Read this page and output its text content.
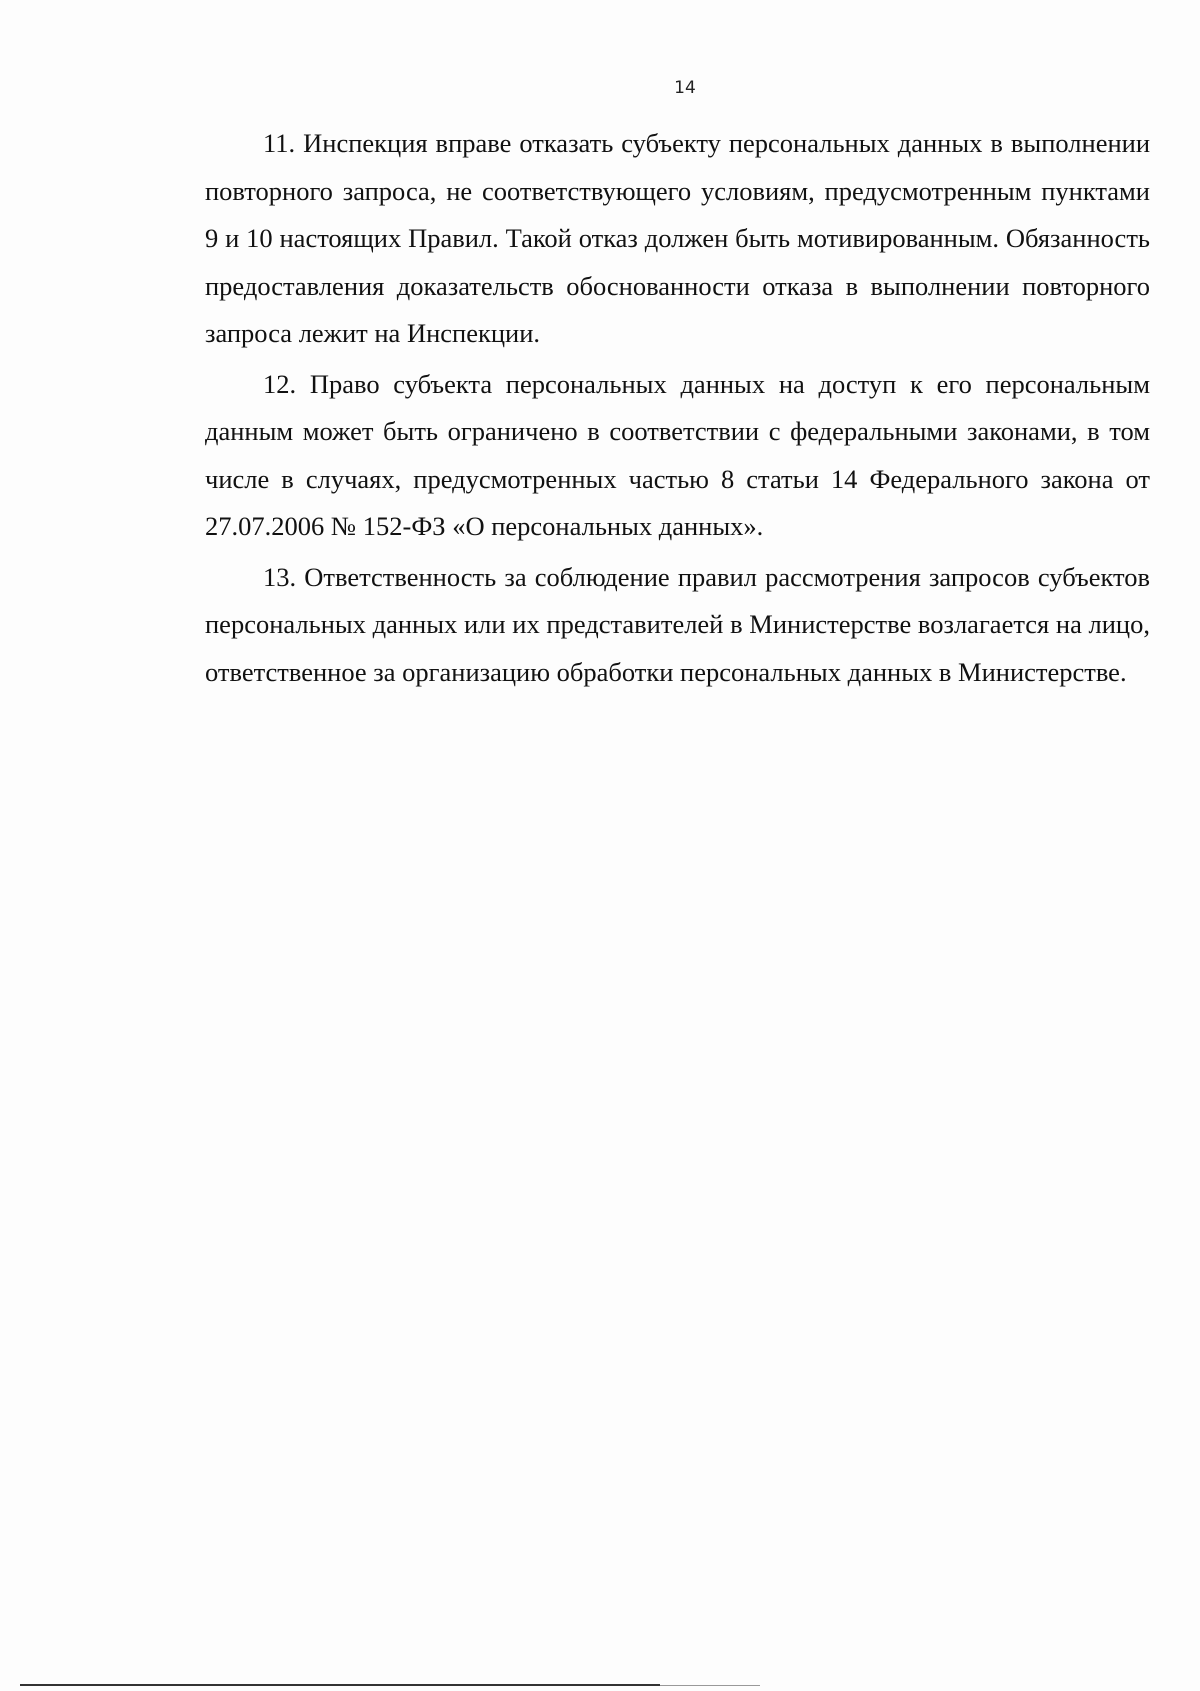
14

11. Инспекция вправе отказать субъекту персональных данных в выполнении повторного запроса, не соответствующего условиям, предусмотренным пунктами 9 и 10 настоящих Правил. Такой отказ должен быть мотивированным. Обязанность предоставления доказательств обоснованности отказа в выполнении повторного запроса лежит на Инспекции.

12. Право субъекта персональных данных на доступ к его персональным данным может быть ограничено в соответствии с федеральными законами, в том числе в случаях, предусмотренных частью 8 статьи 14 Федерального закона от 27.07.2006 № 152-ФЗ «О персональных данных».

13. Ответственность за соблюдение правил рассмотрения запросов субъектов персональных данных или их представителей в Министерстве возлагается на лицо, ответственное за организацию обработки персональных данных в Министерстве.
